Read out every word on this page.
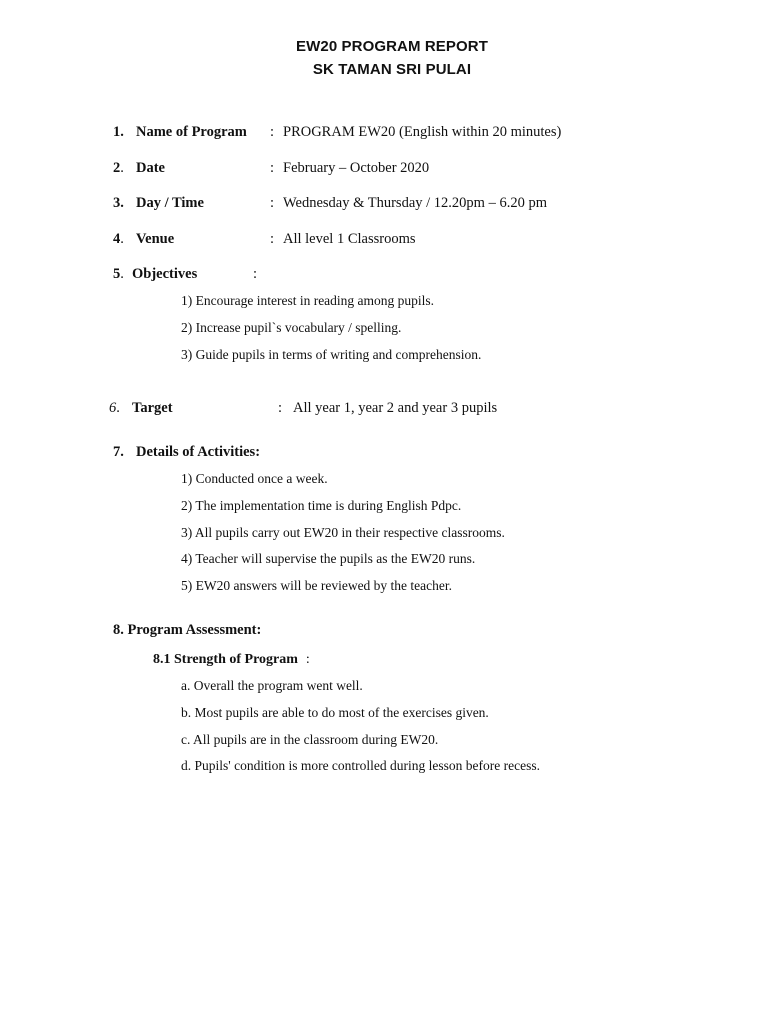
EW20 PROGRAM REPORT
SK TAMAN SRI PULAI
1. Name of Program : PROGRAM EW20 (English within 20 minutes)
2. Date	: February – October 2020
3. Day / Time	: Wednesday & Thursday / 12.20pm – 6.20 pm
4. Venue	: All level 1 Classrooms
5. Objectives	:
1) Encourage interest in reading among pupils.
2) Increase pupil`s vocabulary / spelling.
3) Guide pupils in terms of writing and comprehension.
6. Target	: All year 1, year 2 and year 3 pupils
7. Details of Activities:
1) Conducted once a week.
2) The implementation time is during English Pdpc.
3) All pupils carry out EW20 in their respective classrooms.
4) Teacher will supervise the pupils as the EW20 runs.
5) EW20 answers will be reviewed by the teacher.
8. Program Assessment:
8.1 Strength of Program :
a. Overall the program went well.
b. Most pupils are able to do most of the exercises given.
c. All pupils are in the classroom during EW20.
d. Pupils' condition is more controlled during lesson before recess.
